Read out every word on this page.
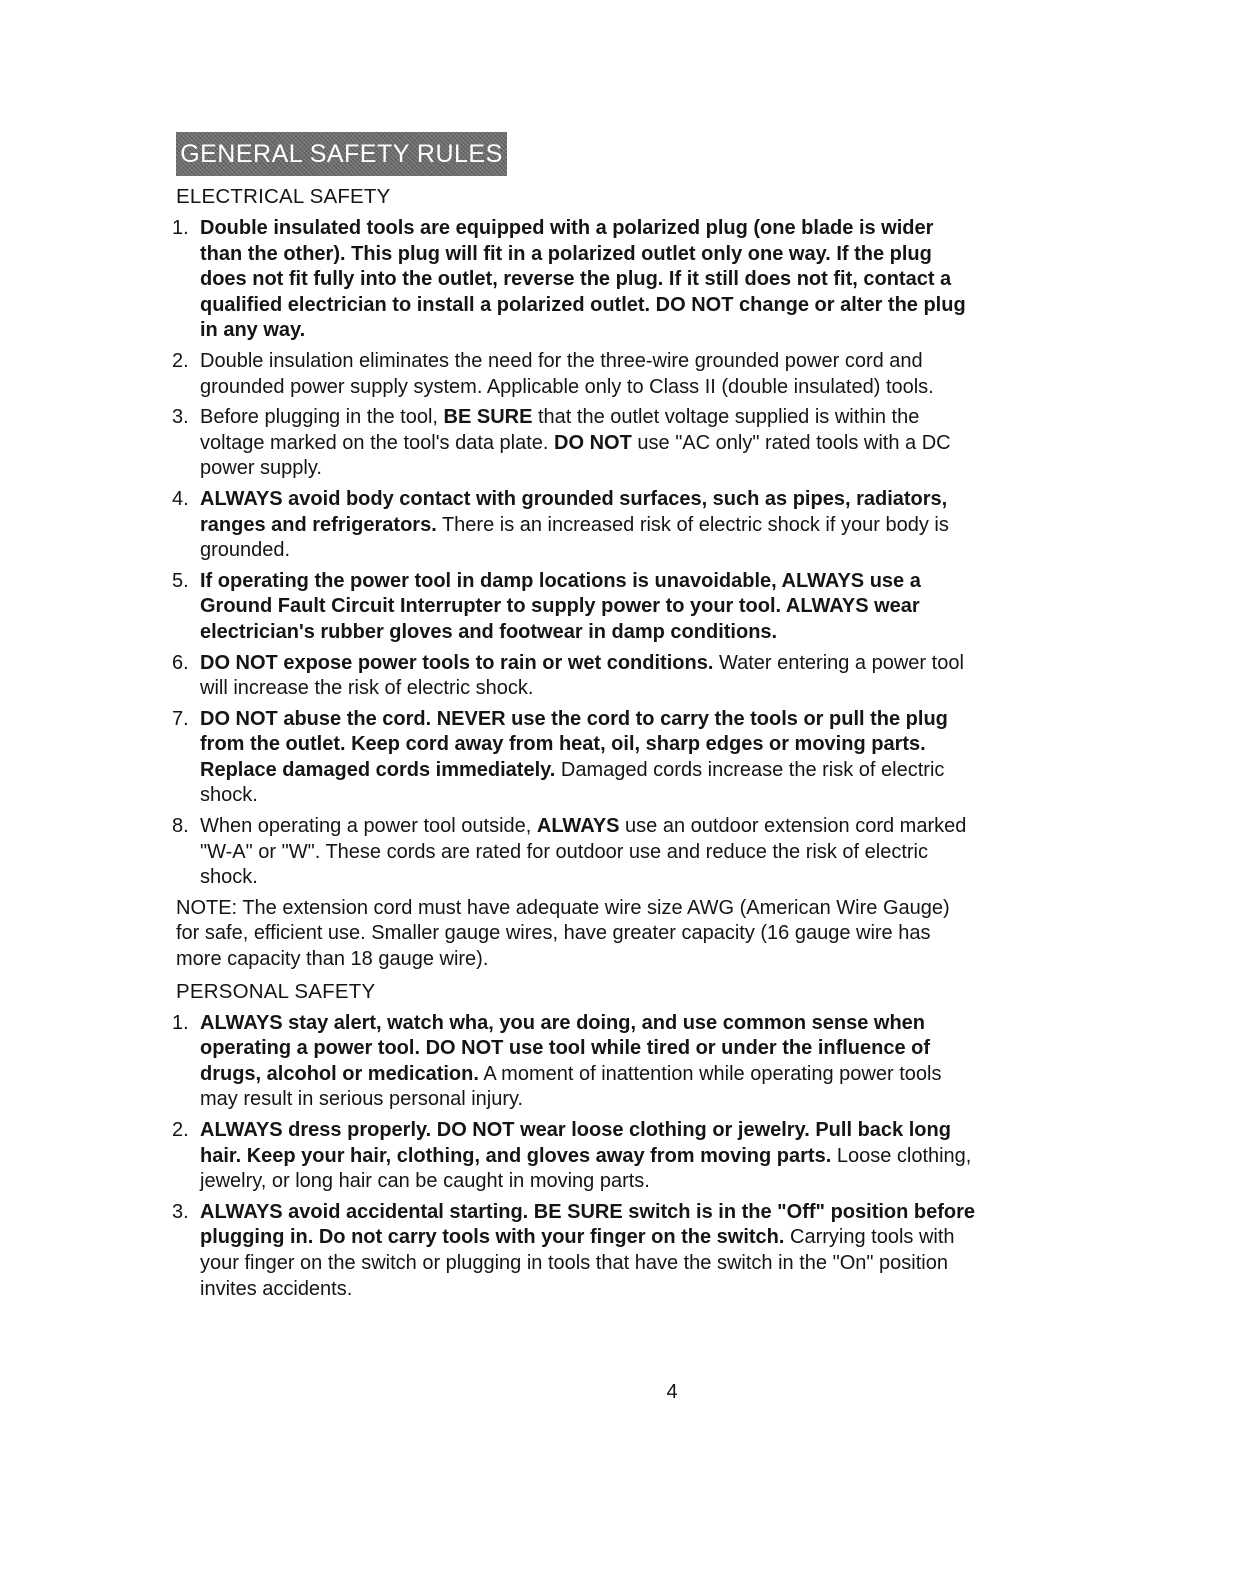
GENERAL SAFETY RULES
ELECTRICAL SAFETY
1. Double insulated tools are equipped with a polarized plug (one blade is wider than the other). This plug will fit in a polarized outlet only one way. If the plug does not fit fully into the outlet, reverse the plug. If it still does not fit, contact a qualified electrician to install a polarized outlet. DO NOT change or alter the plug in any way.
2. Double insulation eliminates the need for the three-wire grounded power cord and grounded power supply system. Applicable only to Class II (double insulated) tools.
3. Before plugging in the tool, BE SURE that the outlet voltage supplied is within the voltage marked on the tool's data plate. DO NOT use "AC only" rated tools with a DC power supply.
4. ALWAYS avoid body contact with grounded surfaces, such as pipes, radiators, ranges and refrigerators. There is an increased risk of electric shock if your body is grounded.
5. If operating the power tool in damp locations is unavoidable, ALWAYS use a Ground Fault Circuit Interrupter to supply power to your tool. ALWAYS wear electrician's rubber gloves and footwear in damp conditions.
6. DO NOT expose power tools to rain or wet conditions. Water entering a power tool will increase the risk of electric shock.
7. DO NOT abuse the cord. NEVER use the cord to carry the tools or pull the plug from the outlet. Keep cord away from heat, oil, sharp edges or moving parts. Replace damaged cords immediately. Damaged cords increase the risk of electric shock.
8. When operating a power tool outside, ALWAYS use an outdoor extension cord marked "W-A" or "W". These cords are rated for outdoor use and reduce the risk of electric shock.
NOTE: The extension cord must have adequate wire size AWG (American Wire Gauge) for safe, efficient use. Smaller gauge wires, have greater capacity (16 gauge wire has more capacity than 18 gauge wire).
PERSONAL SAFETY
1. ALWAYS stay alert, watch wha‚ you are doing, and use common sense when operating a power tool. DO NOT use tool while tired or under the influence of drugs, alcohol or medication. A moment of inattention while operating power tools may result in serious personal injury.
2. ALWAYS dress properly. DO NOT wear loose clothing or jewelry. Pull back long hair. Keep your hair, clothing, and gloves away from moving parts. Loose clothing, jewelry, or long hair can be caught in moving parts.
3. ALWAYS avoid accidental starting. BE SURE switch is in the "Off" position before plugging in. Do not carry tools with your finger on the switch. Carrying tools with your finger on the switch or plugging in tools that have the switch in the "On" position invites accidents.
4
